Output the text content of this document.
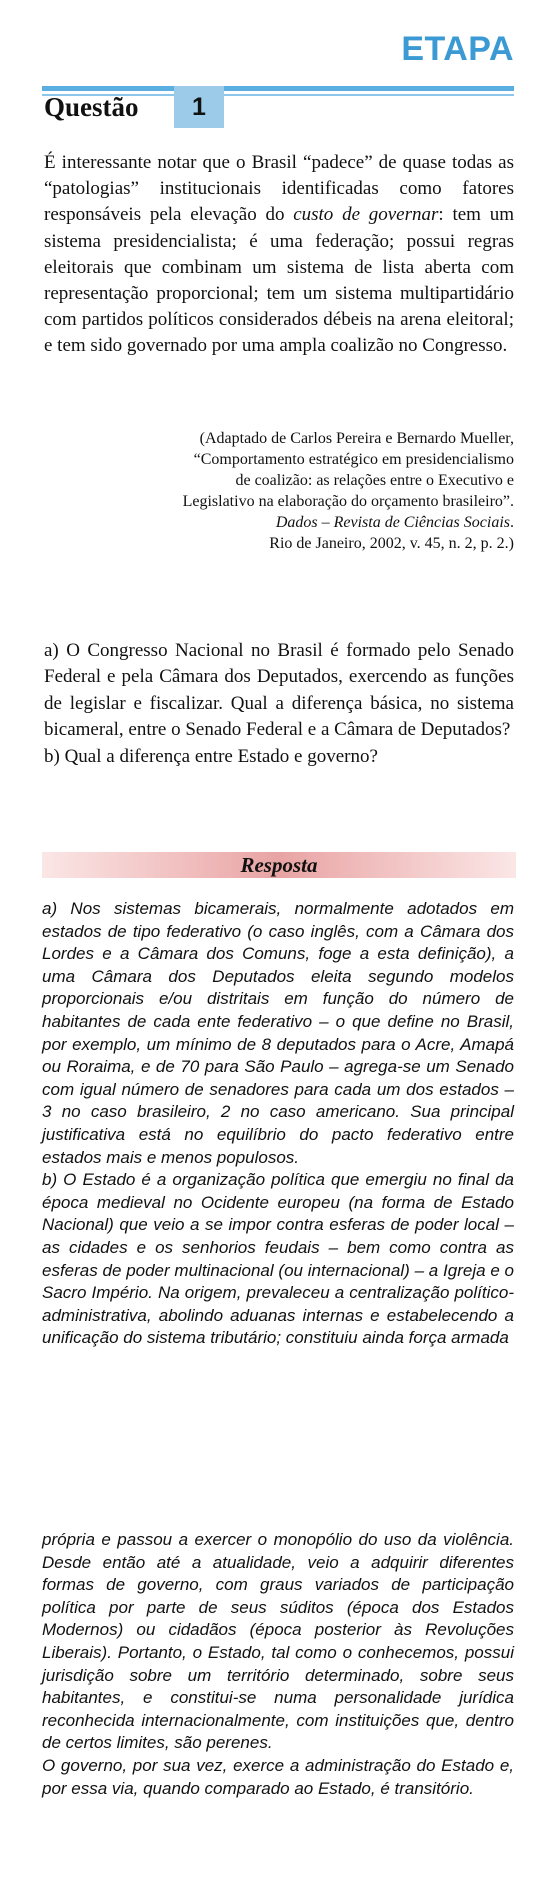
ETAPA
Questão	1

É interessante notar que o Brasil “padece” de quase todas as “patologias” institucionais identificadas como fatores responsáveis pela elevação do custo de governar: tem um sistema presidencialista; é uma federação; possui regras eleitorais que combinam um sistema de lista aberta com representação proporcional; tem um sistema multipartidário com partidos políticos considerados débeis na arena eleitoral; e tem sido governado por uma ampla coalizão no Congresso.

(Adaptado de Carlos Pereira e Bernardo Mueller,
“Comportamento estratégico em presidencialismo
de coalizão: as relações entre o Executivo e
Legislativo na elaboração do orçamento brasileiro”.
Dados – Revista de Ciências Sociais.
Rio de Janeiro, 2002, v. 45, n. 2, p. 2.)

a) O Congresso Nacional no Brasil é formado pelo Senado Federal e pela Câmara dos Deputados, exercendo as funções de legislar e fiscalizar. Qual a diferença básica, no sistema bicameral, entre o Senado Federal e a Câmara de Deputados?

b) Qual a diferença entre Estado e governo?

Resposta

a) Nos sistemas bicamerais, normalmente adotados em estados de tipo federativo (o caso inglês, com a Câmara dos Lordes e a Câmara dos Comuns, foge a esta definição), a uma Câmara dos Deputados eleita segundo modelos proporcionais e/ou distritais em função do número de habitantes de cada ente federativo – o que define no Brasil, por exemplo, um mínimo de 8 deputados para o Acre, Amapá ou Roraima, e de 70 para São Paulo – agrega-se um Senado com igual número de senadores para cada um dos estados – 3 no caso brasileiro, 2 no caso americano. Sua principal justificativa está no equilíbrio do pacto federativo entre estados mais e menos populosos.

b) O Estado é a organização política que emergiu no final da época medieval no Ocidente europeu (na forma de Estado Nacional) que veio a se impor contra esferas de poder local – as cidades e os senhorios feudais – bem como contra as esferas de poder multinacional (ou internacional) – a Igreja e o Sacro Império. Na origem, prevaleceu a centralização político-administrativa, abolindo aduanas internas e estabelecendo a unificação do sistema tributário; constituiu ainda força armada

própria e passou a exercer o monopólio do uso da violência. Desde então até a atualidade, veio a adquirir diferentes formas de governo, com graus variados de participação política por parte de seus súditos (época dos Estados Modernos) ou cidadãos (época posterior às Revoluções Liberais). Portanto, o Estado, tal como o conhecemos, possui jurisdição sobre um território determinado, sobre seus habitantes, e constitui-se numa personalidade jurídica reconhecida internacionalmente, com instituições que, dentro de certos limites, são perenes.

O governo, por sua vez, exerce a administração do Estado e, por essa via, quando comparado ao Estado, é transitório.
